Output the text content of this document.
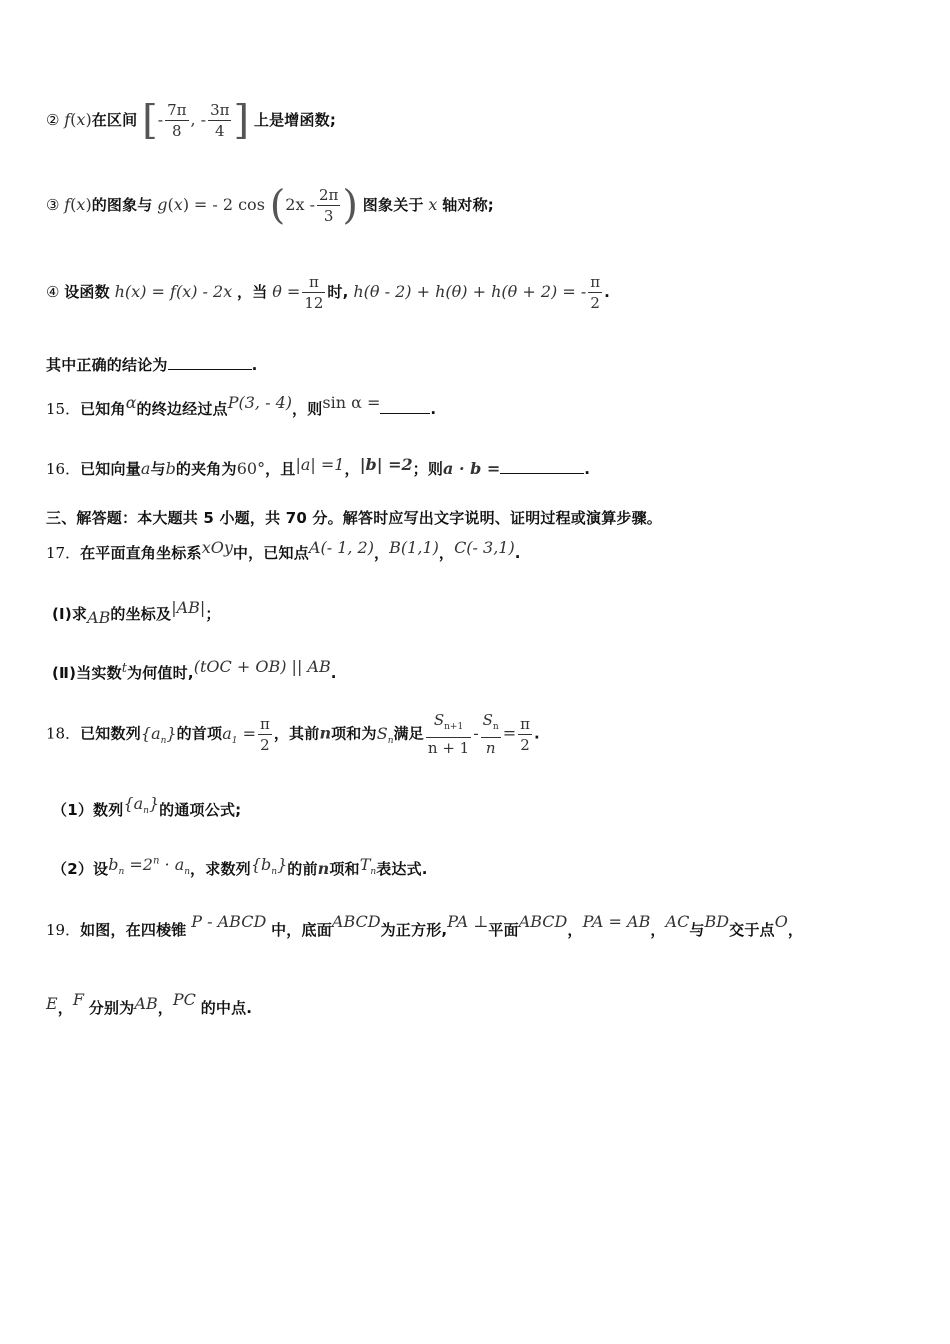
② f(x)在区间 [- $\frac{7\pi}{8}$ , - $\frac{3\pi}{4}$ ] 上是增函数;
③ f(x)的图象与 g(x) = - 2 $\cos (2x - \frac{2\pi}{3}$ ) 图象关于 x 轴对称;
④ 设函数 h(x) = f(x) - 2x ，当 $\theta = \frac{\pi}{12}$ 时, h(θ - 2) + h(θ) + h(θ + 2) = - $\frac{\pi}{2}$ .
其中正确的结论为	.
15．已知角α的终边经过点P(3, - 4)，则sin α =	.
16．已知向量a与b的夹角为60°，且|a| =1，|b| =2；则a · b =	.
三、解答题：本大题共 5 小题，共 70 分。解答时应写出文字说明、证明过程或演算步骤。
17．在平面直角坐标系xOy中，已知点A(- 1, 2)，B(1,1)，C(- 3,1).
(Ⅰ)求AB的坐标及|AB|；
(Ⅱ)当实数t为何值时,(tOC + OB) || AB.
18．已知数列$\{a_n\}$的首项$a_1 = \frac{\pi}{2}$ ，其前n项和为$S_n$满足 $\frac{S_{n+1}}{n + 1} - \frac{S_n}{n} = \frac{\pi}{2}$ .
（1）数列$\{a_n\}$的通项公式;
（2）设$b_n =2^n \cdot a_n$，求数列$\{b_n\}$的前n项和$T_n$表达式.
19．如图，在四棱锥 P - ABCD 中，底面ABCD为正方形,PA ⊥平面ABCD，PA = AB，AC与BD交于点O，
E，F 分别为AB，PC 的中点.
